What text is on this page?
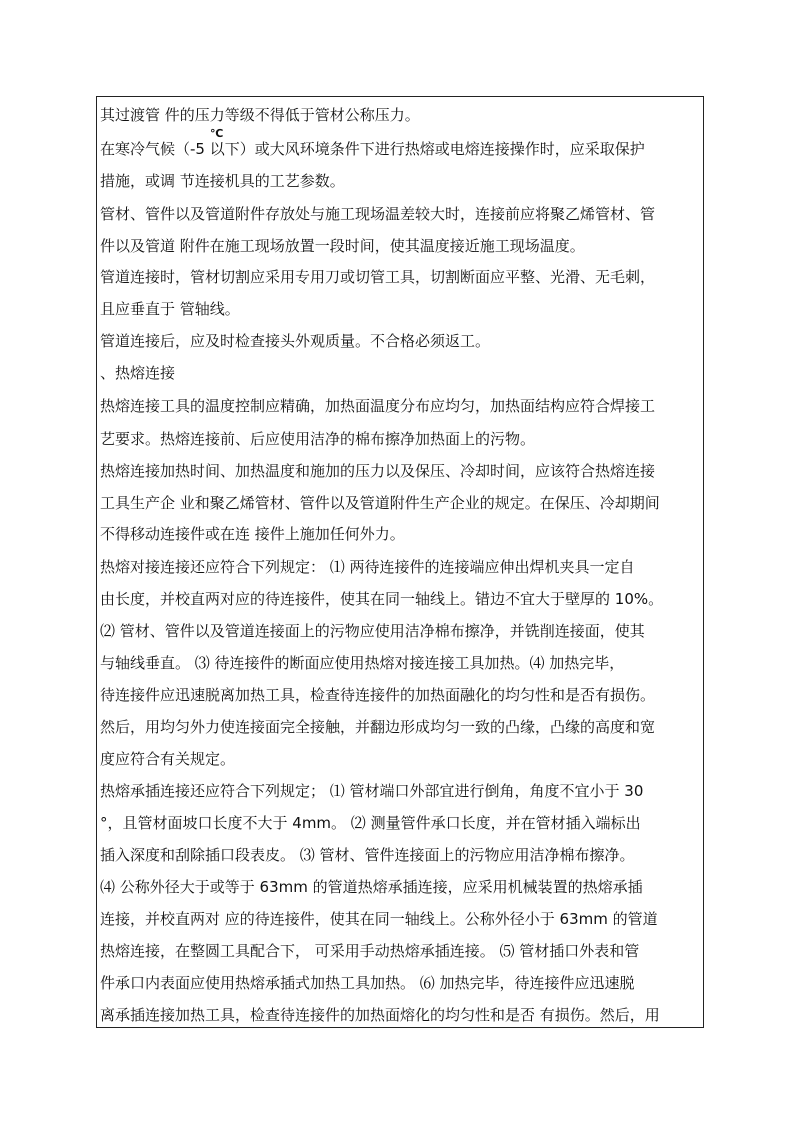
其过渡管 件的压力等级不得低于管材公称压力。
在寒冷气候（-5 以下）或大风环境条件下进行热熔或电熔连接操作时，应采取保护
℃
措施，或调 节连接机具的工艺参数。
管材、管件以及管道附件存放处与施工现场温差较大时，连接前应将聚乙烯管材、管
件以及管道 附件在施工现场放置一段时间，使其温度接近施工现场温度。
管道连接时，管材切割应采用专用刀或切管工具，切割断面应平整、光滑、无毛刺，
且应垂直于 管轴线。
管道连接后，应及时检查接头外观质量。不合格必须返工。
、热熔连接
热熔连接工具的温度控制应精确，加热面温度分布应均匀，加热面结构应符合焊接工
艺要求。热熔连接前、后应使用洁净的棉布擦净加热面上的污物。
热熔连接加热时间、加热温度和施加的压力以及保压、冷却时间，应该符合热熔连接
工具生产企 业和聚乙烯管材、管件以及管道附件生产企业的规定。在保压、冷却期间
不得移动连接件或在连 接件上施加任何外力。
热熔对接连接还应符合下列规定： ⑴ 两待连接件的连接端应伸出焊机夹具一定自
由长度，并校直两对应的待连接件，使其在同一轴线上。错边不宜大于壁厚的 10%。
⑵ 管材、管件以及管道连接面上的污物应使用洁净棉布擦净，并铣削连接面，使其
与轴线垂直。 ⑶ 待连接件的断面应使用热熔对接连接工具加热。⑷ 加热完毕，
待连接件应迅速脱离加热工具，检查待连接件的加热面融化的均匀性和是否有损伤。
然后，用均匀外力使连接面完全接触，并翻边形成均匀一致的凸缘，凸缘的高度和宽
度应符合有关规定。
热熔承插连接还应符合下列规定； ⑴ 管材端口外部宜进行倒角，角度不宜小于 30
°，且管材面坡口长度不大于 4mm。 ⑵ 测量管件承口长度，并在管材插入端标出
插入深度和刮除插口段表皮。 ⑶ 管材、管件连接面上的污物应用洁净棉布擦净。
⑷ 公称外径大于或等于 63mm 的管道热熔承插连接，应采用机械装置的热熔承插
连接，并校直两对 应的待连接件，使其在同一轴线上。公称外径小于 63mm 的管道
热熔连接，在整圆工具配合下， 可采用手动热熔承插连接。 ⑸ 管材插口外表和管
件承口内表面应使用热熔承插式加热工具加热。 ⑹ 加热完毕，待连接件应迅速脱
离承插连接加热工具，检查待连接件的加热面熔化的均匀性和是否 有损伤。然后，用
